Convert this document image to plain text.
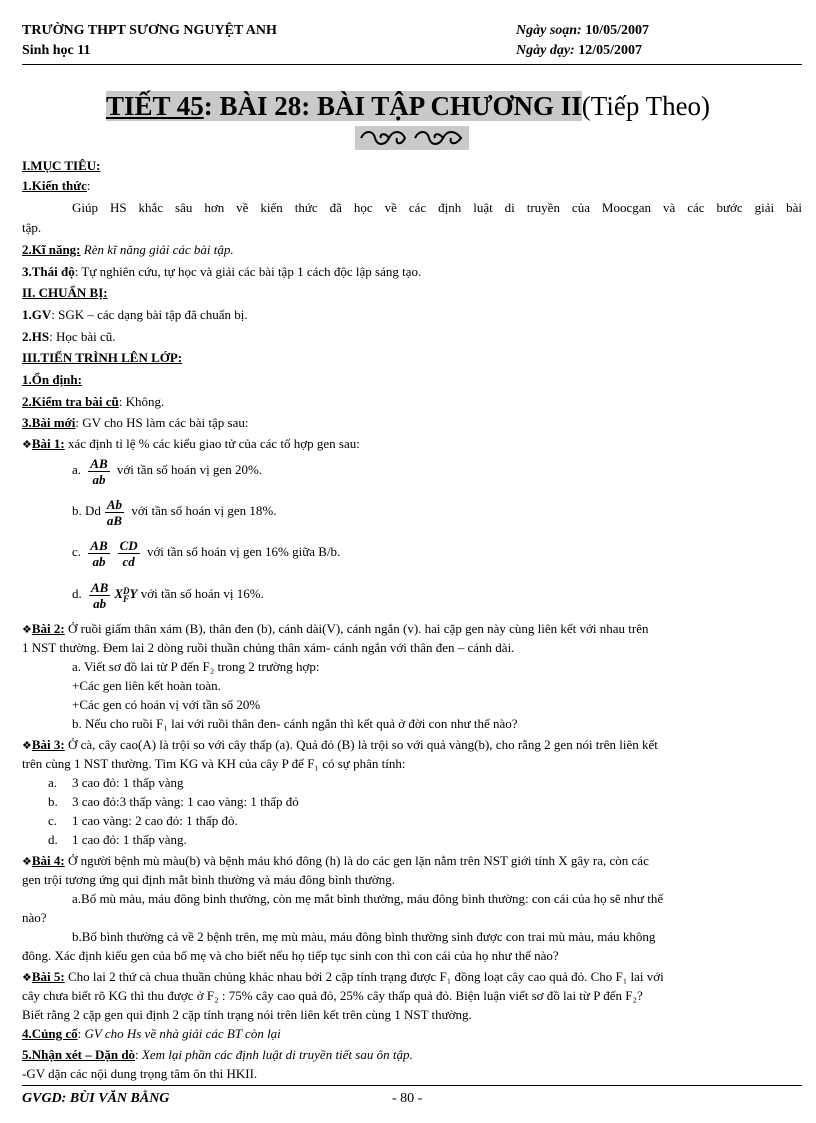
TRƯỜNG THPT SƯƠNG NGUYỆT ANH
Sinh học 11
Ngày soạn: 10/05/2007
Ngày dạy: 12/05/2007
TIẾT 45: BÀI 28: BÀI TẬP CHƯƠNG II(Tiếp Theo)
I.MỤC TIÊU:
1.Kiến thức:
Giúp HS khắc sâu hơn về kiến thức đã học về các định luật di truyền của Moocgan và các bước giải bài
tập.
2.Kĩ năng: Rèn kĩ năng giải các bài tập.
3.Thái độ: Tự nghiên cứu, tự học và giải các bài tập 1 cách độc lập sáng tạo.
II. CHUẨN BỊ:
1.GV: SGK – các dạng bài tập đã chuẩn bị.
2.HS: Học bài cũ.
III.TIẾN TRÌNH LÊN LỚP:
1.Ổn định:
2.Kiểm tra bài cũ: Không.
3.Bài mới: GV cho HS làm các bài tập sau:
❖Bài 1: xác định tỉ lệ % các kiểu giao tử của các tổ hợp gen sau:
a. $\frac{AB}{ab}$ với tần số hoán vị gen 20%.
b. Dd $\frac{Ab}{aB}$ với tần số hoán vị gen 18%.
c. $\frac{AB}{ab} \frac{CD}{cd}$ với tần số hoán vị gen 16% giữa B/b.
d. $\frac{AB}{ab}$ X D
F Y với tần số hoán vị 16%.
❖Bài 2: Ở ruồi giấm thân xám (B), thân đen (b), cánh dài(V), cánh ngắn (v). hai cặp gen này cùng liên kết với nhau trên
1 NST thường. Đem lai 2 dòng ruồi thuần chủng thân xám- cánh ngắn với thân đen – cánh dài.
a. Viết sơ đồ lai từ P đến F₂ trong 2 trường hợp:
+Các gen liên kết hoàn toàn.
+Các gen có hoán vị với tần số 20%
b. Nếu cho ruồi F₁ lai với ruồi thân đen- cánh ngắn thì kết quả ở đời con như thế nào?
❖Bài 3: Ở cà, cây cao(A) là trội so với cây thấp (a). Quả đỏ (B) là trội so với quả vàng(b), cho rằng 2 gen nói trên liên kết
trên cùng 1 NST thường. Tìm KG và KH của cây P để F₁ có sự phân tính:
a. 3 cao đỏ: 1 thấp vàng
b. 3 cao đỏ:3 thấp vàng: 1 cao vàng: 1 thấp đỏ
c. 1 cao vàng: 2 cao đỏ: 1 thấp đỏ.
d. 1 cao đỏ: 1 thấp vàng.
❖Bài 4: Ở người bệnh mù màu(b) và bệnh máu khó đông (h) là do các gen lặn nằm trên NST giới tính X gây ra, còn các
gen trội tương ứng qui định mắt bình thường và máu đông bình thường.
a.Bố mù màu, máu đông bình thường, còn mẹ mắt bình thường, máu đông bình thường: con cái của họ sẽ như thế
nào?
b.Bố bình thường cả về 2 bệnh trên, mẹ mù màu, máu đông bình thường sinh được con trai mù màu, máu không
đông. Xác định kiểu gen của bố mẹ và cho biết nếu họ tiếp tục sinh con thì con cái của họ như thế nào?
❖Bài 5: Cho lai 2 thứ cà chua thuần chủng khác nhau bởi 2 cặp tính trạng được F₁ đồng loạt cây cao quả đỏ. Cho F₁ lai với
cây chưa biết rõ KG thì thu được ở F₂ : 75% cây cao quả đỏ, 25% cây thấp quả đỏ. Biện luận viết sơ đồ lai từ P đến F₂?
Biết rằng 2 cặp gen qui định 2 cặp tính trạng nói trên liên kết trên cùng 1 NST thường.
4.Củng cố: GV cho Hs về nhà giải các BT còn lại
5.Nhận xét – Dặn dò: Xem lại phần các định luật di truyền tiết sau ôn tập.
-GV dặn các nội dung trọng tâm ôn thi HKII.
GVGD: BÙI VĂN BẰNG	- 80 -
